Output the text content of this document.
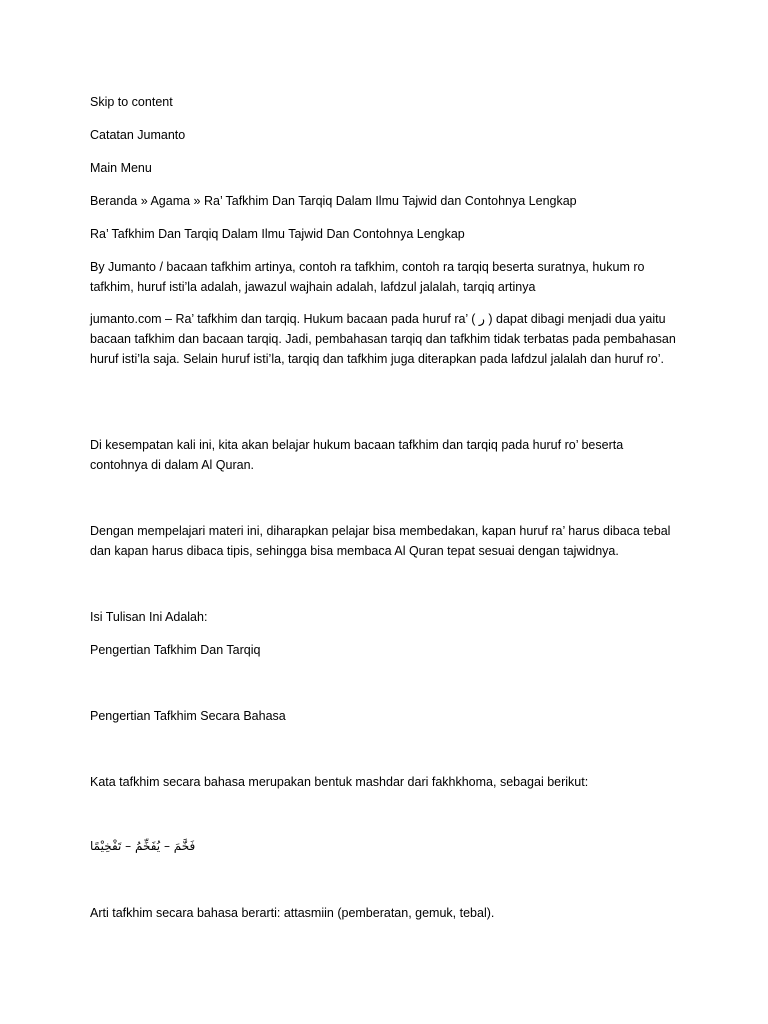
Skip to content

Catatan Jumanto

Main Menu

Beranda » Agama » Ra’ Tafkhim Dan Tarqiq Dalam Ilmu Tajwid dan Contohnya Lengkap

Ra’ Tafkhim Dan Tarqiq Dalam Ilmu Tajwid Dan Contohnya Lengkap

By Jumanto / bacaan tafkhim artinya, contoh ra tafkhim, contoh ra tarqiq beserta suratnya, hukum ro tafkhim, huruf isti’la adalah, jawazul wajhain adalah, lafdzul jalalah, tarqiq artinya

jumanto.com – Ra’ tafkhim dan tarqiq. Hukum bacaan pada huruf ra’ ( ر ) dapat dibagi menjadi dua yaitu bacaan tafkhim dan bacaan tarqiq. Jadi, pembahasan tarqiq dan tafkhim tidak terbatas pada pembahasan huruf isti’la saja. Selain huruf isti’la, tarqiq dan tafkhim juga diterapkan pada lafdzul jalalah dan huruf ro’.

Di kesempatan kali ini, kita akan belajar hukum bacaan tafkhim dan tarqiq pada huruf ro’ beserta contohnya di dalam Al Quran.

Dengan mempelajari materi ini, diharapkan pelajar bisa membedakan, kapan huruf ra’ harus dibaca tebal dan kapan harus dibaca tipis, sehingga bisa membaca Al Quran tepat sesuai dengan tajwidnya.

Isi Tulisan Ini Adalah:

Pengertian Tafkhim Dan Tarqiq

Pengertian Tafkhim Secara Bahasa

Kata tafkhim secara bahasa merupakan bentuk mashdar dari fakhkhoma, sebagai berikut:

فَخَّمَ – يُفَخِّمُ – تَفْخِيْمًا

Arti tafkhim secara bahasa berarti: attasmiin (pemberatan, gemuk, tebal).
